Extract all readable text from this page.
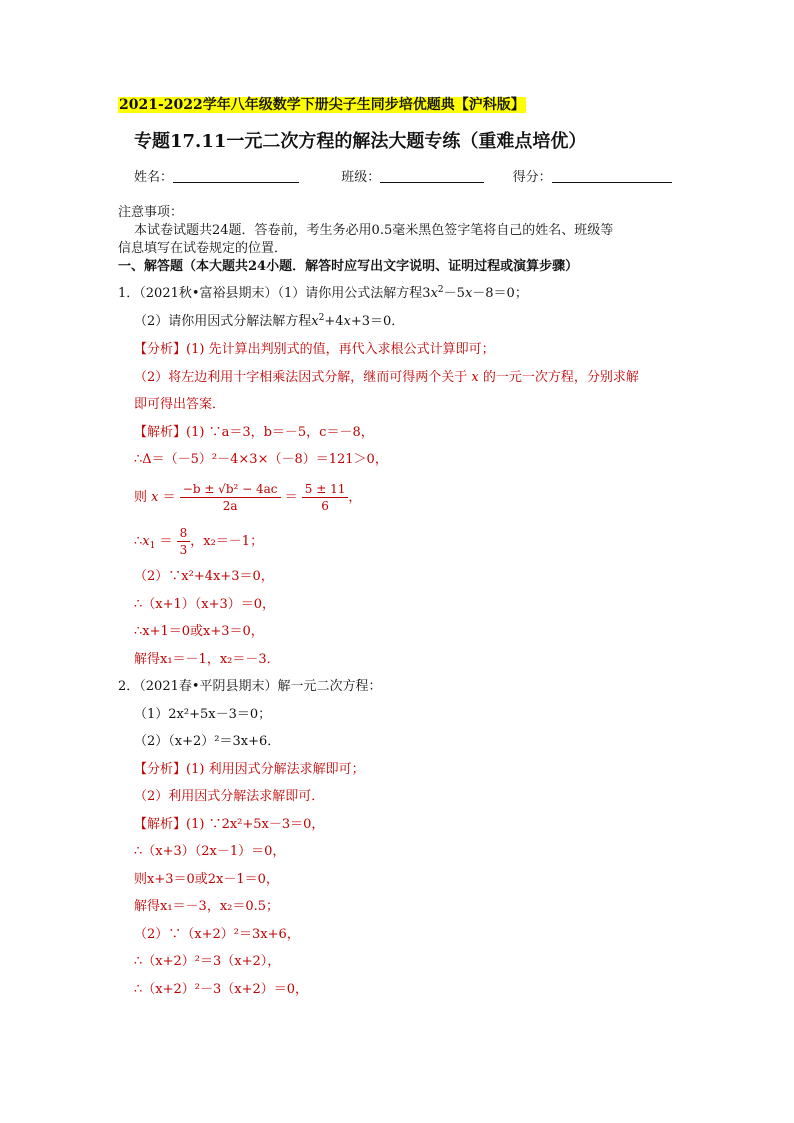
2021-2022学年八年级数学下册尖子生同步培优题典【沪科版】
专题17.11一元二次方程的解法大题专练（重难点培优）
姓名：	班级：	得分：
注意事项：
本试卷试题共24题．答卷前，考生务必用0.5毫米黑色签字笔将自己的姓名、班级等
信息填写在试卷规定的位置．
一、解答题（本大题共24小题．解答时应写出文字说明、证明过程或演算步骤）
1．（2021秋•富裕县期末）（1）请你用公式法解方程$3x^2-5x-8=0$；
（2）请你用因式分解法解方程$x^2+4x+3=0$．
【分析】(1) 先计算出判别式的值，再代入求根公式计算即可；
（2）将左边利用十字相乘法因式分解，继而可得两个关于 x 的一元一次方程，分别求解
即可得出答案．
【解析】(1) ∵a＝3，b＝－5，c＝－8，
∴Δ＝（－5）²－4×3×（－8）＝121＞0，
则 $x = \frac{\text{−b ± √b² − 4ac}}{2a} = \frac{5 \pm 11}{6}$ ，
$\therefore x_1 = \frac{8}{3}$ ，x₂＝－1；
（2）∵x²+4x+3＝0，
∴（x+1）（x+3）＝0，
∴x+1＝0或x+3＝0，
解得x₁＝－1，x₂＝－3．
2．（2021春•平阴县期末）解一元二次方程：
（1）2x²+5x－3＝0；
（2）（x+2）²＝3x+6．
【分析】(1) 利用因式分解法求解即可；
（2）利用因式分解法求解即可．
【解析】(1) ∵2x²+5x－3＝0，
∴（x+3）（2x－1）＝0，
则x+3＝0或2x－1＝0，
解得x₁＝－3，x₂＝0.5；
（2）∵（x+2）²＝3x+6，
∴（x+2）²＝3（x+2），
∴（x+2）²－3（x+2）＝0，
